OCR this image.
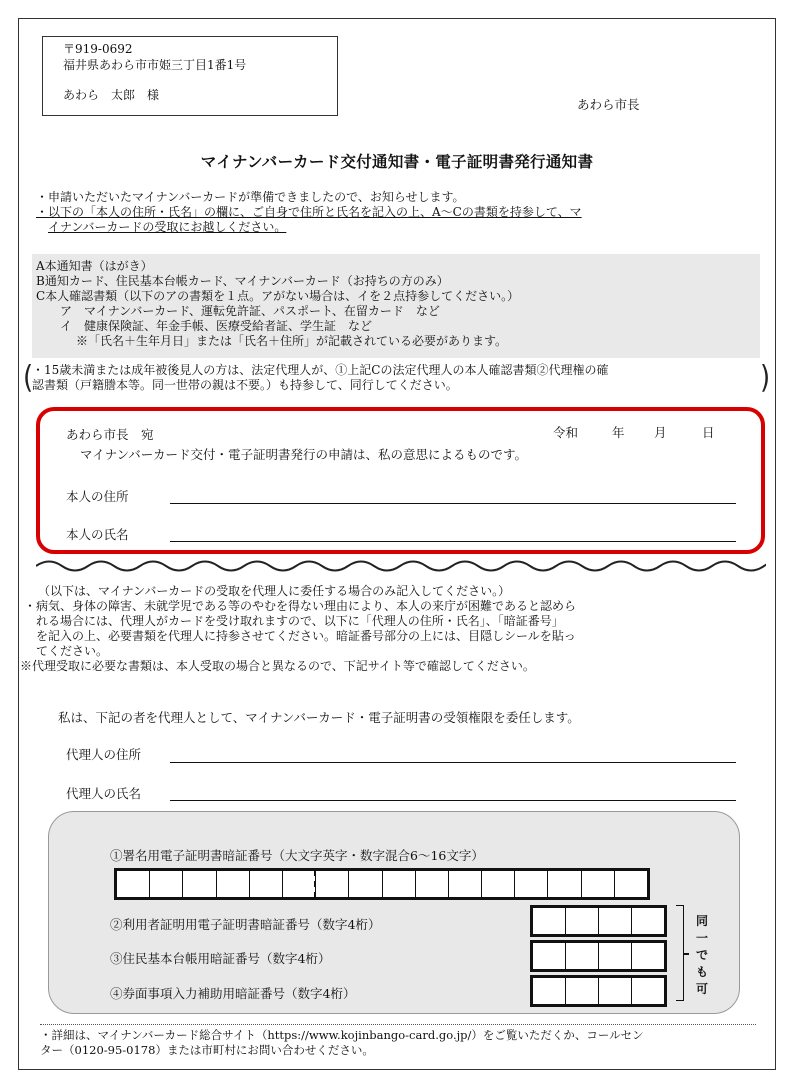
〒919-0692
福井県あわら市市姫三丁目1番1号
あわら　太郎　様
あわら市長
マイナンバーカード交付通知書・電子証明書発行通知書
・申請いただいたマイナンバーカードが準備できましたので、お知らせします。
・以下の「本人の住所・氏名」の欄に、ご自身で住所と氏名を記入の上、A～Cの書類を持参して、マ
イナンバーカードの受取にお越しください。
A本通知書（はがき）
B通知カード、住民基本台帳カード、マイナンバーカード（お持ちの方のみ）
C本人確認書類（以下のアの書類を１点。アがない場合は、イを２点持参してください。）
ア　マイナンバーカード、運転免許証、パスポート、在留カード　など
イ　健康保険証、年金手帳、医療受給者証、学生証　など
※「氏名＋生年月日」または「氏名＋住所」が記載されている必要があります。
(	)
・15歳未満または成年被後見人の方は、法定代理人が、①上記Cの法定代理人の本人確認書類②代理権の確
認書類（戸籍謄本等。同一世帯の親は不要。）も持参して、同行してください。
あわら市長　宛	令和	年 月	日
マイナンバーカード交付・電子証明書発行の申請は、私の意思によるものです。
本人の住所
本人の氏名
（以下は、マイナンバーカードの受取を代理人に委任する場合のみ記入してください。）
・病気、身体の障害、未就学児である等のやむを得ない理由により、本人の来庁が困難であると認めら
　れる場合には、代理人がカードを受け取れますので、以下に「代理人の住所・氏名」、「暗証番号」
　を記入の上、必要書類を代理人に持参させてください。暗証番号部分の上には、目隠しシールを貼っ
　てください。
※代理受取に必要な書類は、本人受取の場合と異なるので、下記サイト等で確認してください。
私は、下記の者を代理人として、マイナンバーカード・電子証明書の受領権限を委任します。
代理人の住所
代理人の氏名
①署名用電子証明書暗証番号（大文字英字・数字混合6～16文字）
②利用者証明用電子証明書暗証番号（数字4桁）
③住民基本台帳用暗証番号（数字4桁）
④券面事項入力補助用暗証番号（数字4桁）
同一でも可
・詳細は、マイナンバーカード総合サイト（https://www.kojinbango-card.go.jp/）をご覧いただくか、コールセン
ター（0120-95-0178）または市町村にお問い合わせください。
